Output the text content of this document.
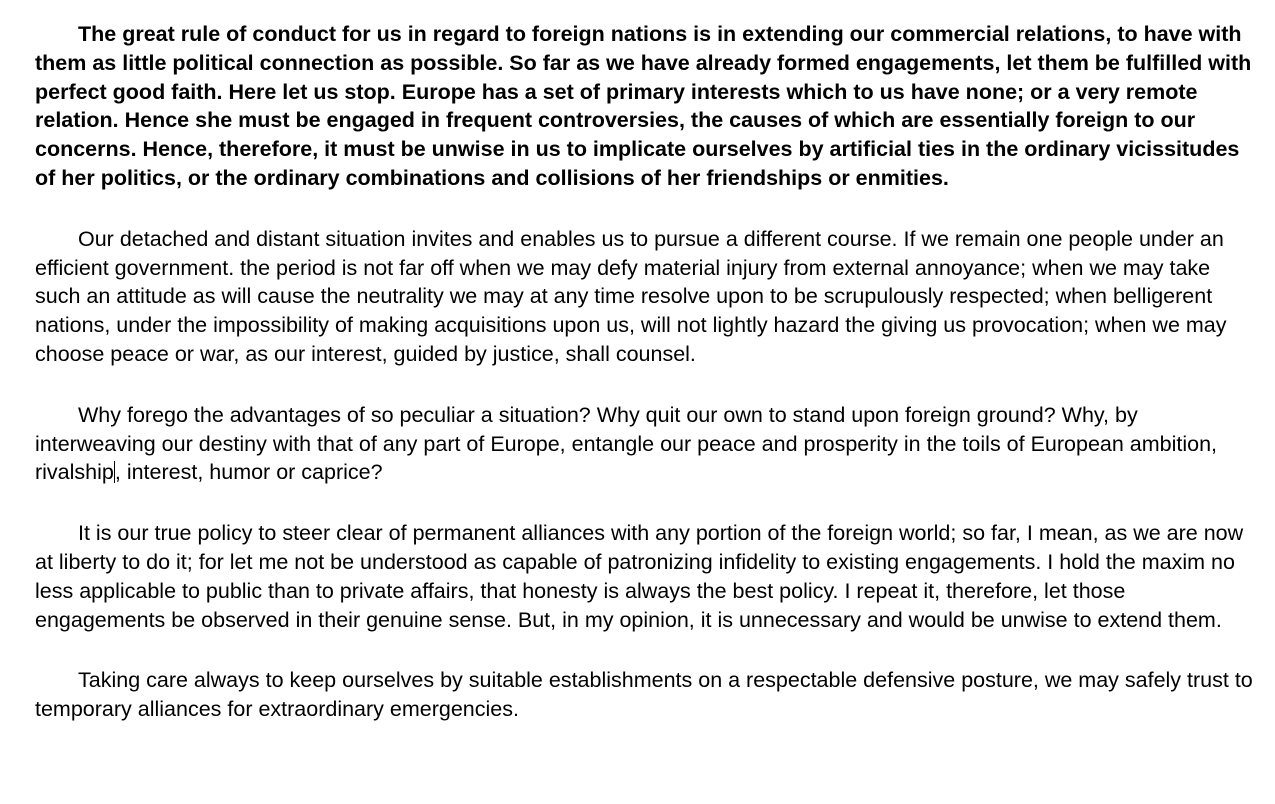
The great rule of conduct for us in regard to foreign nations is in extending our commercial relations, to have with them as little political connection as possible. So far as we have already formed engagements, let them be fulfilled with perfect good faith. Here let us stop. Europe has a set of primary interests which to us have none; or a very remote relation. Hence she must be engaged in frequent controversies, the causes of which are essentially foreign to our concerns. Hence, therefore, it must be unwise in us to implicate ourselves by artificial ties in the ordinary vicissitudes of her politics, or the ordinary combinations and collisions of her friendships or enmities.

Our detached and distant situation invites and enables us to pursue a different course. If we remain one people under an efficient government. the period is not far off when we may defy material injury from external annoyance; when we may take such an attitude as will cause the neutrality we may at any time resolve upon to be scrupulously respected; when belligerent nations, under the impossibility of making acquisitions upon us, will not lightly hazard the giving us provocation; when we may choose peace or war, as our interest, guided by justice, shall counsel.

Why forego the advantages of so peculiar a situation? Why quit our own to stand upon foreign ground? Why, by interweaving our destiny with that of any part of Europe, entangle our peace and prosperity in the toils of European ambition, rivalship, interest, humor or caprice?

It is our true policy to steer clear of permanent alliances with any portion of the foreign world; so far, I mean, as we are now at liberty to do it; for let me not be understood as capable of patronizing infidelity to existing engagements. I hold the maxim no less applicable to public than to private affairs, that honesty is always the best policy. I repeat it, therefore, let those engagements be observed in their genuine sense. But, in my opinion, it is unnecessary and would be unwise to extend them.

Taking care always to keep ourselves by suitable establishments on a respectable defensive posture, we may safely trust to temporary alliances for extraordinary emergencies.
